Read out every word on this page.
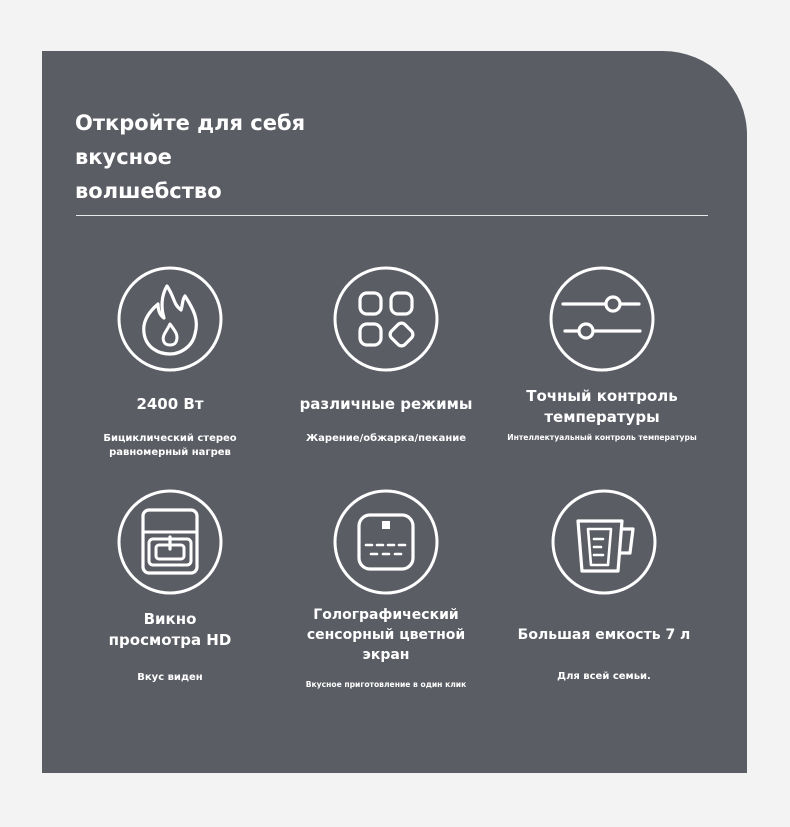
Откройте для себя
вкусное
волшебство
2400 Вт
Бициклический стерео
равномерный нагрев
различные режимы
Жарение/обжарка/пекание
Точный контроль
температуры
Интеллектуальный контроль температуры
Викно
просмотра HD
Вкус виден
Голографический
сенсорный цветной
экран
Вкусное приготовление в один клик
Большая емкость 7 л
Для всей семьи.
